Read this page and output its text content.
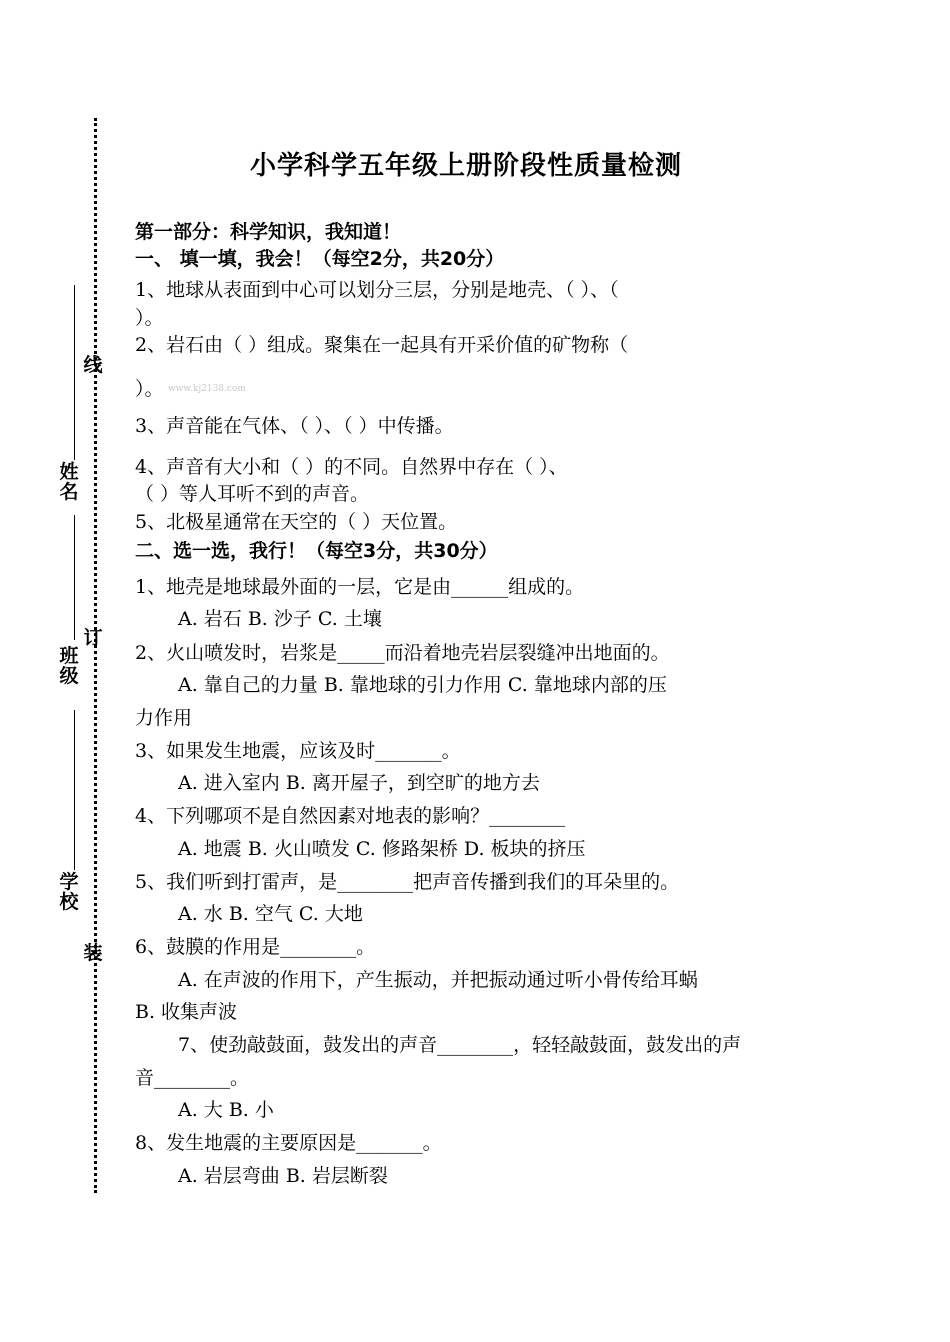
线
订
装
姓名
班级
学校
小学科学五年级上册阶段性质量检测
第一部分：科学知识，我知道！
一、 填一填，我会！（每空2分，共20分）
1、地球从表面到中心可以划分三层，分别是地壳、（ ）、（
）。
2、岩石由（ ）组成。聚集在一起具有开采价值的矿物称（
）。 www.kj2138.com
3、声音能在气体、（ ）、（ ）中传播。
4、声音有大小和（ ）的不同。自然界中存在（ ）、
（ ）等人耳听不到的声音。
5、北极星通常在天空的（ ）天位置。
二、选一选，我行！（每空3分，共30分）
1、地壳是地球最外面的一层，它是由______组成的。
A. 岩石 B. 沙子 C. 土壤
2、火山喷发时，岩浆是_____而沿着地壳岩层裂缝冲出地面的。
A. 靠自己的力量 B. 靠地球的引力作用 C. 靠地球内部的压
力作用
3、如果发生地震，应该及时_______。
A. 进入室内 B. 离开屋子，到空旷的地方去
4、下列哪项不是自然因素对地表的影响？________
A. 地震 B. 火山喷发 C. 修路架桥 D. 板块的挤压
5、我们听到打雷声，是________把声音传播到我们的耳朵里的。
A. 水 B. 空气 C. 大地
6、鼓膜的作用是________。
A. 在声波的作用下，产生振动，并把振动通过听小骨传给耳蜗
B. 收集声波
7、使劲敲鼓面，鼓发出的声音________，轻轻敲鼓面，鼓发出的声
音________。
A. 大 B. 小
8、发生地震的主要原因是_______。
A. 岩层弯曲 B. 岩层断裂
